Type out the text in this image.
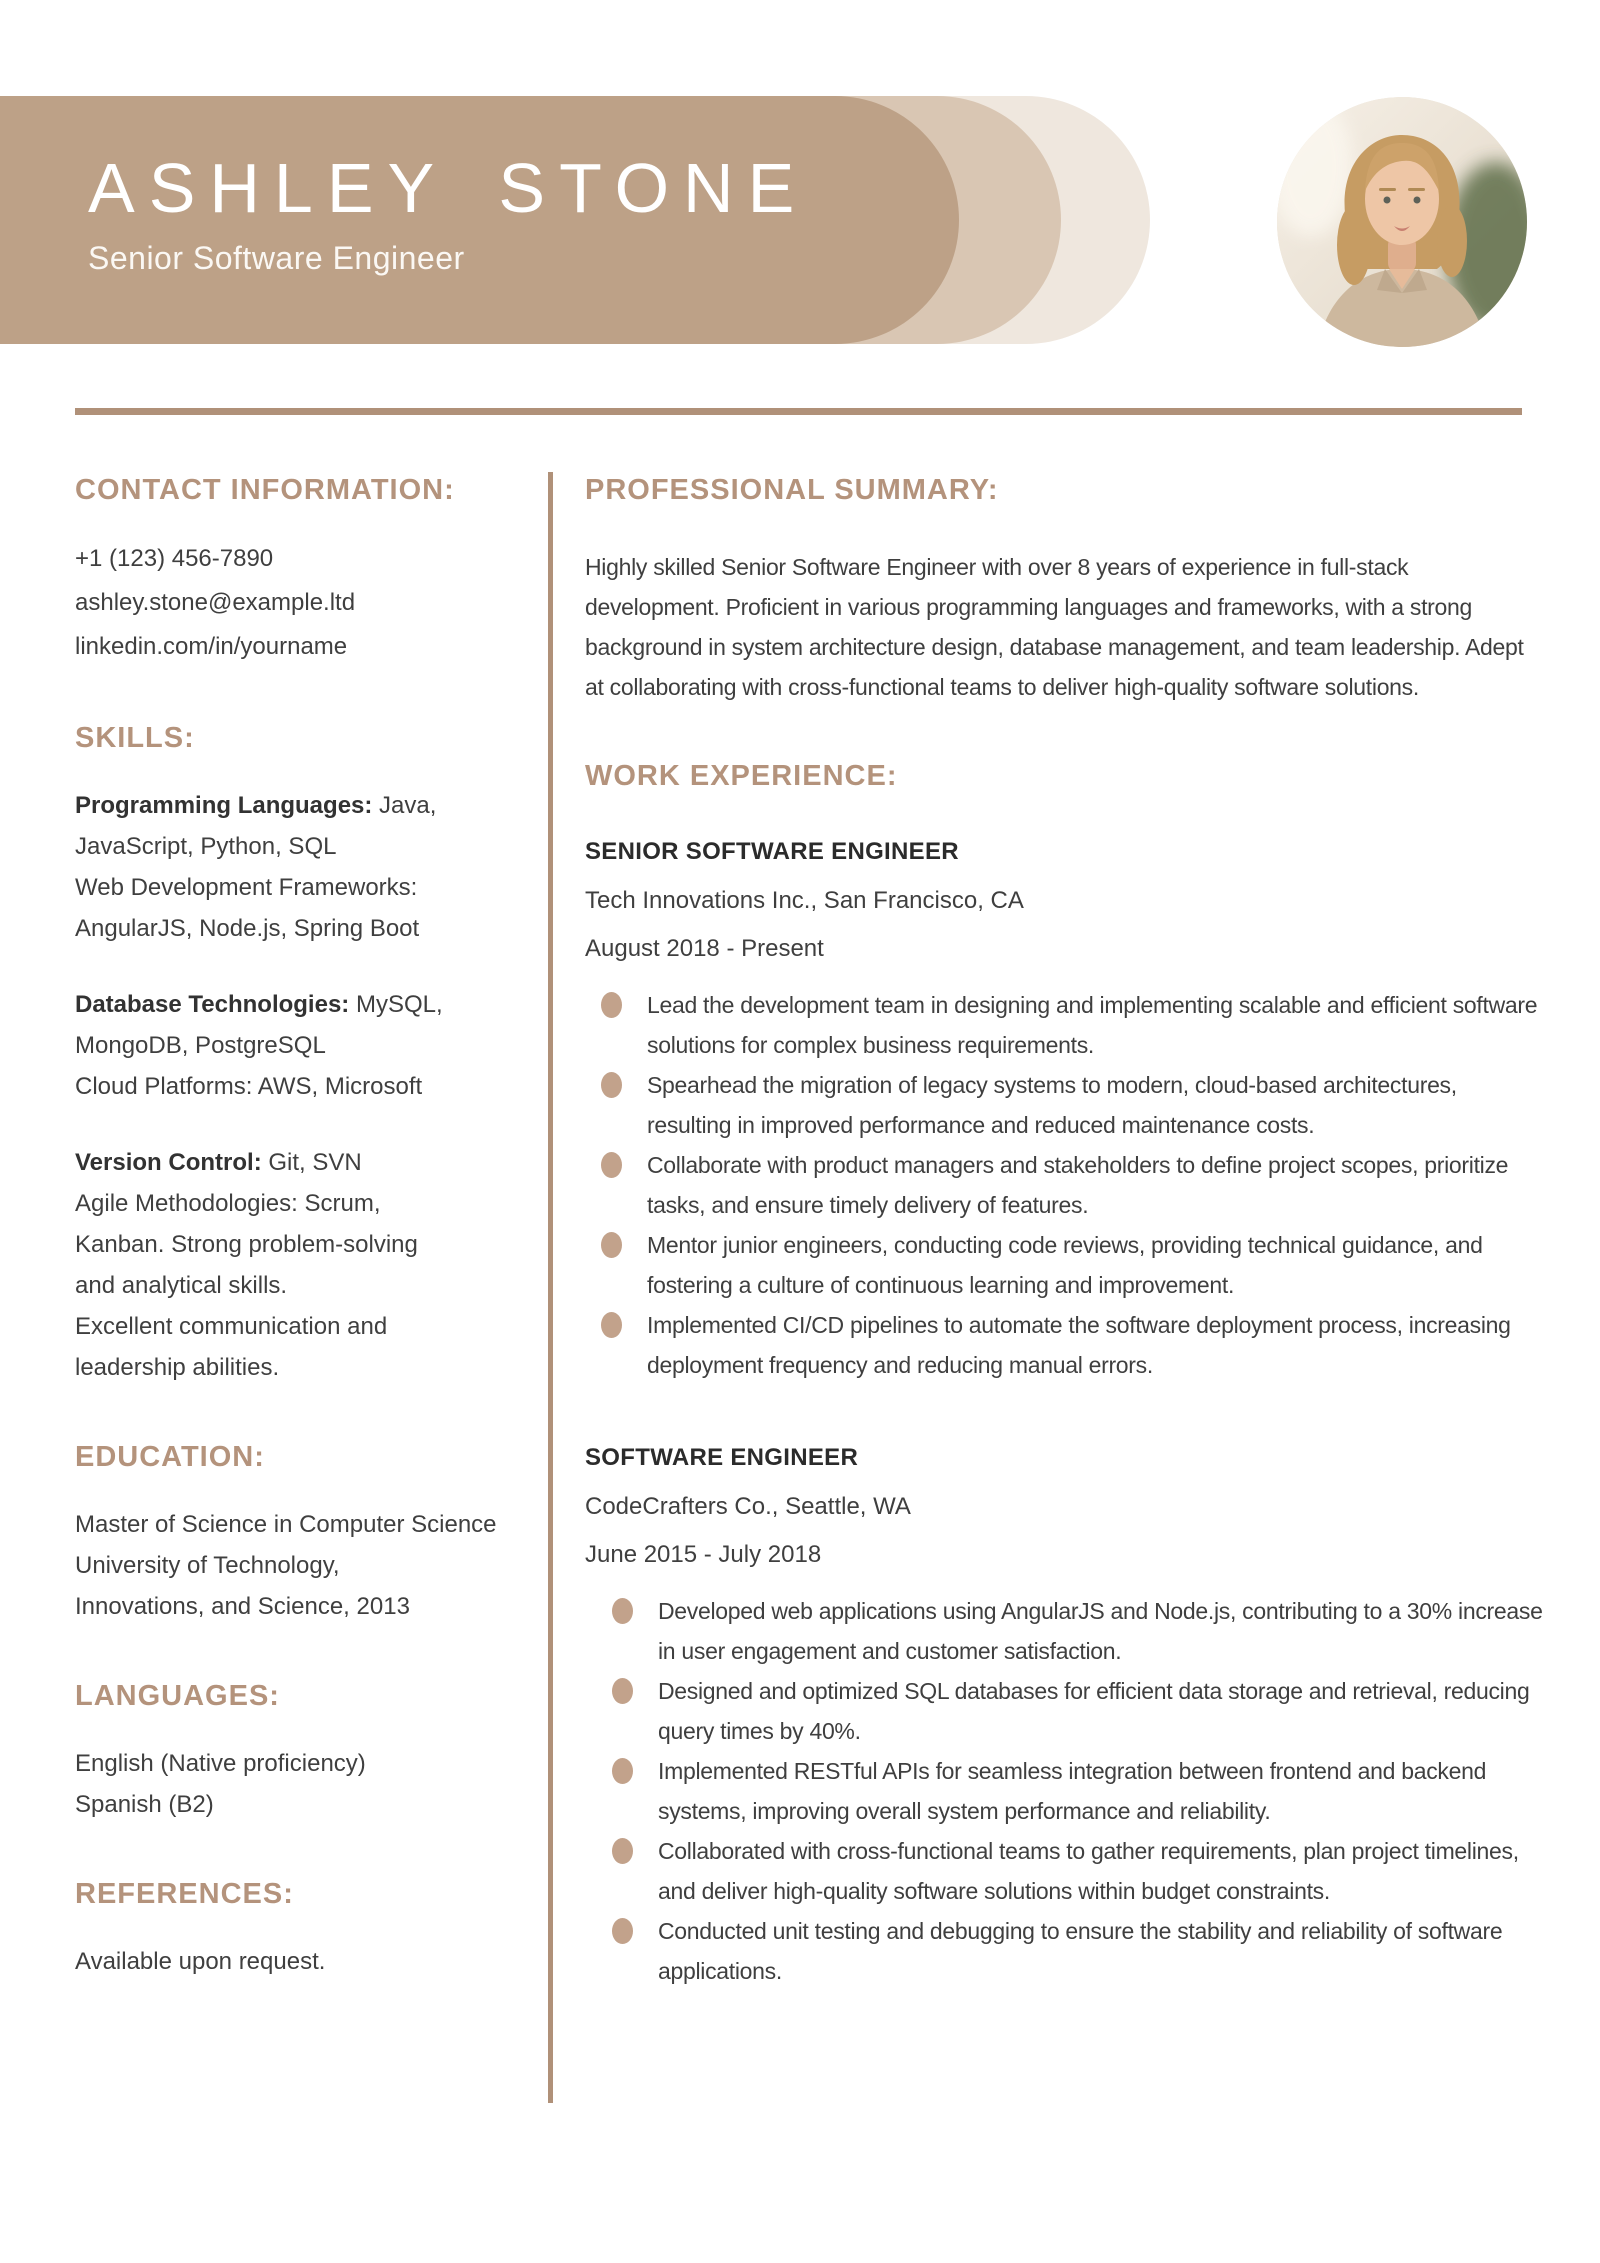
ASHLEY STONE
Senior Software Engineer
CONTACT INFORMATION:
+1 (123) 456-7890
ashley.stone@example.ltd
linkedin.com/in/yourname
SKILLS:
Programming Languages: Java,
JavaScript, Python, SQL
Web Development Frameworks:
AngularJS, Node.js, Spring Boot
Database Technologies: MySQL,
MongoDB, PostgreSQL
Cloud Platforms: AWS, Microsoft
Version Control: Git, SVN
Agile Methodologies: Scrum,
Kanban. Strong problem-solving
and analytical skills.
Excellent communication and
leadership abilities.
EDUCATION:
Master of Science in Computer Science
University of Technology,
Innovations, and Science, 2013
LANGUAGES:
English (Native proficiency)
Spanish (B2)
REFERENCES:
Available upon request.
PROFESSIONAL SUMMARY:

Highly skilled Senior Software Engineer with over 8 years of experience in full-stack development. Proficient in various programming languages and frameworks, with a strong background in system architecture design, database management, and team leadership. Adept at collaborating with cross-functional teams to deliver high-quality software solutions.

WORK EXPERIENCE:
SENIOR SOFTWARE ENGINEER
Tech Innovations Inc., San Francisco, CA
August 2018 - Present
Lead the development team in designing and implementing scalable and efficient software solutions for complex business requirements.
Spearhead the migration of legacy systems to modern, cloud-based architectures, resulting in improved performance and reduced maintenance costs.
Collaborate with product managers and stakeholders to define project scopes, prioritize tasks, and ensure timely delivery of features.
Mentor junior engineers, conducting code reviews, providing technical guidance, and fostering a culture of continuous learning and improvement.
Implemented CI/CD pipelines to automate the software deployment process, increasing deployment frequency and reducing manual errors.
SOFTWARE ENGINEER
CodeCrafters Co., Seattle, WA
June 2015 - July 2018
Developed web applications using AngularJS and Node.js, contributing to a 30% increase in user engagement and customer satisfaction.
Designed and optimized SQL databases for efficient data storage and retrieval, reducing query times by 40%.
Implemented RESTful APIs for seamless integration between frontend and backend systems, improving overall system performance and reliability.
Collaborated with cross-functional teams to gather requirements, plan project timelines, and deliver high-quality software solutions within budget constraints.
Conducted unit testing and debugging to ensure the stability and reliability of software applications.
